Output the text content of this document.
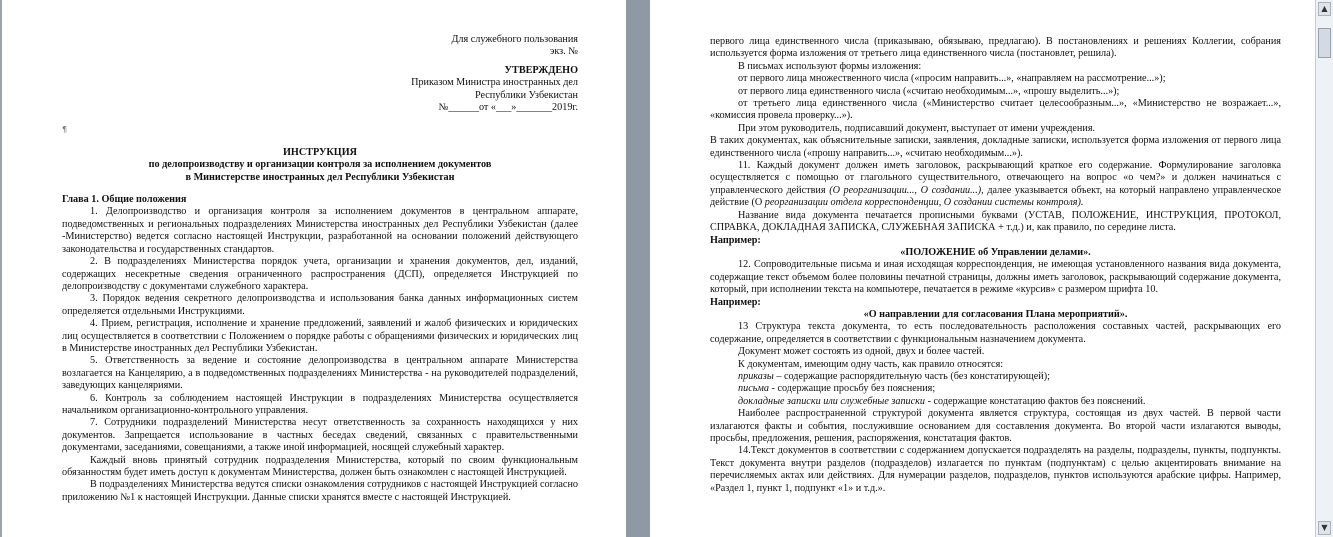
Для служебного пользования

экз. №

УТВЕРЖДЕНО

Приказом Министра иностранных дел

Республики Узбекистан

№______от «___»_______2019г.

¶

ИНСТРУКЦИЯ

по делопроизводству и организации контроля за исполнением документов

в Министерстве иностранных дел Республики Узбекистан

Глава 1. Общие положения

1. Делопроизводство и организация контроля за исполнением документов в центральном аппарате, подведомственных и региональных подразделениях Министерства иностранных дел Республики Узбекистан (далее -Министерство) ведется согласно настоящей Инструкции, разработанной на основании положений действующего законодательства и государственных стандартов.

2. В подразделениях Министерства порядок учета, организации и хранения документов, дел, изданий, содержащих несекретные сведения ограниченного распространения (ДСП), определяется Инструкцией по делопроизводству с документами служебного характера.

3. Порядок ведения секретного делопроизводства и использования банка данных информационных систем определяется отдельными Инструкциями.

4. Прием, регистрация, исполнение и хранение предложений, заявлений и жалоб физических и юридических лиц осуществляется в соответствии с Положением о порядке работы с обращениями физических и юридических лиц в Министерстве иностранных дел Республики Узбекистан.

5. Ответственность за ведение и состояние делопроизводства в центральном аппарате Министерства возлагается на Канцелярию, а в подведомственных подразделениях Министерства - на руководителей подразделений, заведующих канцеляриями.

6. Контроль за соблюдением настоящей Инструкции в подразделениях Министерства осуществляется начальником организационно-контрольного управления.

7. Сотрудники подразделений Министерства несут ответственность за сохранность находящихся у них документов. Запрещается использование в частных беседах сведений, связанных с правительственными документами, заседаниями, совещаниями, а также иной информацией, носящей служебный характер.

Каждый вновь принятый сотрудник подразделения Министерства, который по своим функциональным обязанностям будет иметь доступ к документам Министерства, должен быть ознакомлен с настоящей Инструкцией.

В подразделениях Министерства ведутся списки ознакомления сотрудников с настоящей Инструкцией согласно приложению №1 к настоящей Инструкции. Данные списки хранятся вместе с настоящей Инструкцией.

первого лица единственного числа (приказываю, обязываю, предлагаю). В постановлениях и решениях Коллегии, собрания используется форма изложения от третьего лица единственного числа (постановлет, решила).

В письмах используют формы изложения:

от первого лица множественного числа («просим направить...», «направляем на рассмотрение...»);

от первого лица единственного числа («считаю необходимым...», «прошу выделить...»);

от третьего лица единственного числа («Министерство считает целесообразным...», «Министерство не возражает...», «комиссия провела проверку...»).

При этом руководитель, подписавший документ, выступает от имени учреждения.

В таких документах, как объяснительные записки, заявления, докладные записки, используется форма изложения от первого лица единственного числа («прошу направить...», «считаю необходимым...»).

11. Каждый документ должен иметь заголовок, раскрывающий краткое его содержание. Формулирование заголовка осуществляется с помощью от глагольного существительного, отвечающего на вопрос «о чем?» и должен начинаться с управленческого действия (О реорганизации..., О создании...), далее указывается объект, на который направлено управленческое действие (О реорганизации отдела корреспонденции, О создании системы контроля).

Название вида документа печатается прописными буквами (УСТАВ, ПОЛОЖЕНИЕ, ИНСТРУКЦИЯ, ПРОТОКОЛ, СПРАВКА, ДОКЛАДНАЯ ЗАПИСКА, СЛУЖЕБНАЯ ЗАПИСКА + т.д.) и, как правило, по середине листа.

Например:

«ПОЛОЖЕНИЕ об Управлении делами».

12. Сопроводительные письма и иная исходящая корреспонденция, не имеющая установленного названия вида документа, содержащие текст объемом более половины печатной страницы, должны иметь заголовок, раскрывающий содержание документа, который, при исполнении текста на компьютере, печатается в режиме «курсив» с размером шрифта 10.

Например:

«О направлении для согласования Плана мероприятий».

13 Структура текста документа, то есть последовательность расположения составных частей, раскрывающих его содержание, определяется в соответствии с функциональным назначением документа.

Документ может состоять из одной, двух и более частей.

К документам, имеющим одну часть, как правило относятся:

приказы – содержащие распорядительную часть (без констатирующей);

письма - содержащие просьбу без пояснения;

докладные записки или служебные записки - содержащие констатацию фактов без пояснений.

Наиболее распространенной структурой документа является структура, состоящая из двух частей. В первой части излагаются факты и события, послужившие основанием для составления документа. Во второй части излагаются выводы, просьбы, предложения, решения, распоряжения, констатация фактов.

14.Текст документов в соответствии с содержанием допускается подразделять на разделы, подразделы, пункты, подпункты. Текст документа внутри разделов (подразделов) излагается по пунктам (подпунктам) с целью акцентировать внимание на перечисляемых актах или действиях. Для нумерации разделов, подразделов, пунктов используются арабские цифры. Например, «Раздел 1, пункт 1, подпункт «1» и т.д.».

▲
▼
